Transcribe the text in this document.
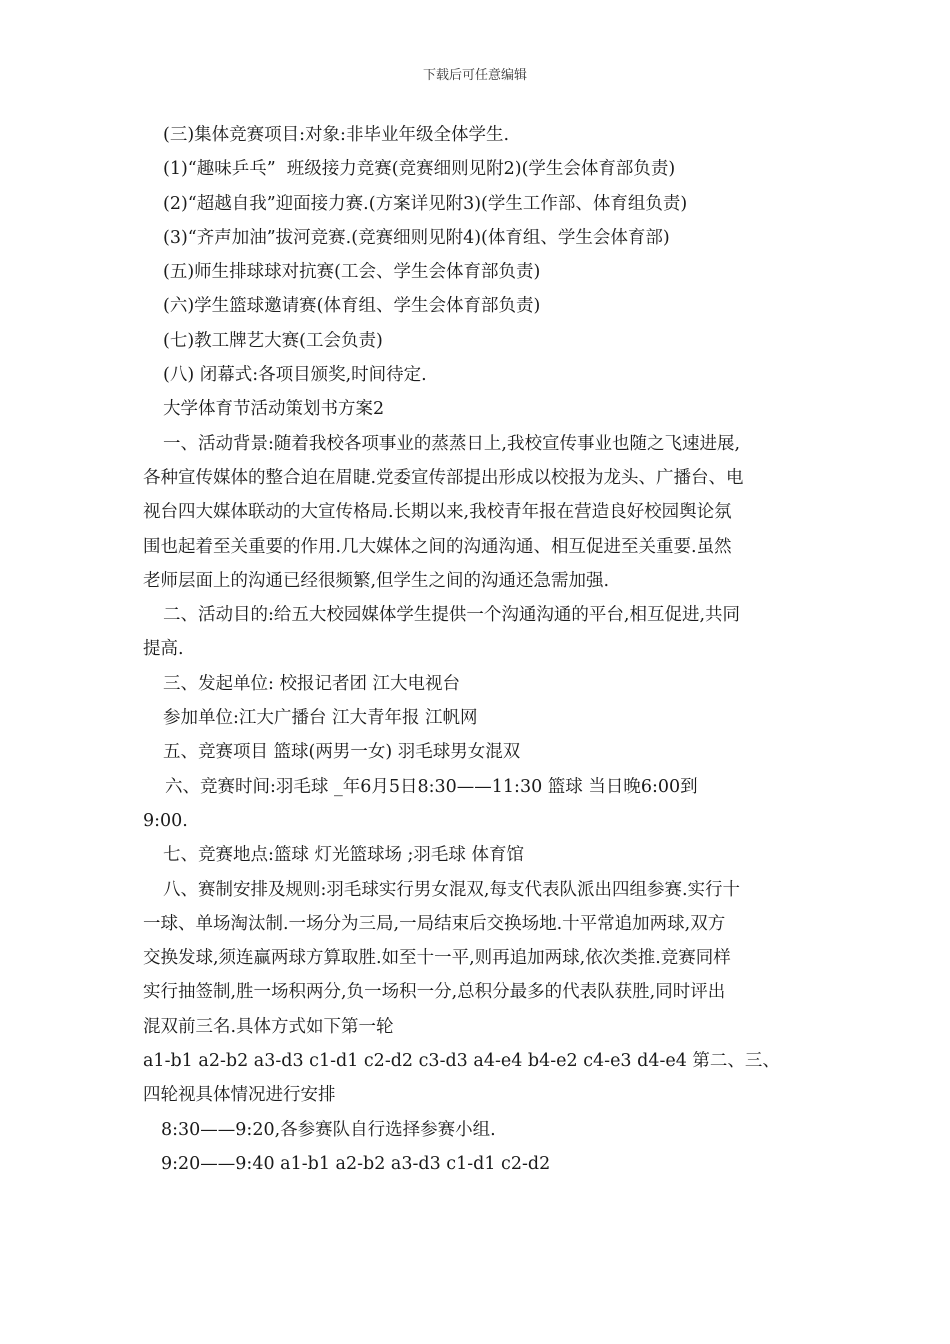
下载后可任意编辑
(三)集体竞赛项目:对象:非毕业年级全体学生.
(1)“趣味乒乓”  班级接力竞赛(竞赛细则见附2)(学生会体育部负责)
(2)“超越自我”迎面接力赛.(方案详见附3)(学生工作部、体育组负责)
(3)“齐声加油”拔河竞赛.(竞赛细则见附4)(体育组、学生会体育部)
(五)师生排球球对抗赛(工会、学生会体育部负责)
(六)学生篮球邀请赛(体育组、学生会体育部负责)
(七)教工牌艺大赛(工会负责)
(八) 闭幕式:各项目颁奖,时间待定.
大学体育节活动策划书方案2
一、活动背景:随着我校各项事业的蒸蒸日上,我校宣传事业也随之飞速进展,
各种宣传媒体的整合迫在眉睫.党委宣传部提出形成以校报为龙头、广播台、电
视台四大媒体联动的大宣传格局.长期以来,我校青年报在营造良好校园舆论氛
围也起着至关重要的作用.几大媒体之间的沟通沟通、相互促进至关重要.虽然
老师层面上的沟通已经很频繁,但学生之间的沟通还急需加强.
二、活动目的:给五大校园媒体学生提供一个沟通沟通的平台,相互促进,共同
提高.
三、发起单位: 校报记者团 江大电视台
参加单位:江大广播台 江大青年报 江帆网
五、竞赛项目 篮球(两男一女) 羽毛球男女混双
六、竞赛时间:羽毛球 _年6月5日8:30——11:30 篮球 当日晚6:00到
9:00.
七、竞赛地点:篮球 灯光篮球场 ;羽毛球 体育馆
八、赛制安排及规则:羽毛球实行男女混双,每支代表队派出四组参赛.实行十
一球、单场淘汰制.一场分为三局,一局结束后交换场地.十平常追加两球,双方
交换发球,须连赢两球方算取胜.如至十一平,则再追加两球,依次类推.竞赛同样
实行抽签制,胜一场积两分,负一场积一分,总积分最多的代表队获胜,同时评出
混双前三名.具体方式如下第一轮
a1-b1 a2-b2 a3-d3 c1-d1 c2-d2 c3-d3 a4-e4 b4-e2 c4-e3 d4-e4 第二、三、
四轮视具体情况进行安排
8:30——9:20,各参赛队自行选择参赛小组.
9:20——9:40 a1-b1 a2-b2 a3-d3 c1-d1 c2-d2
